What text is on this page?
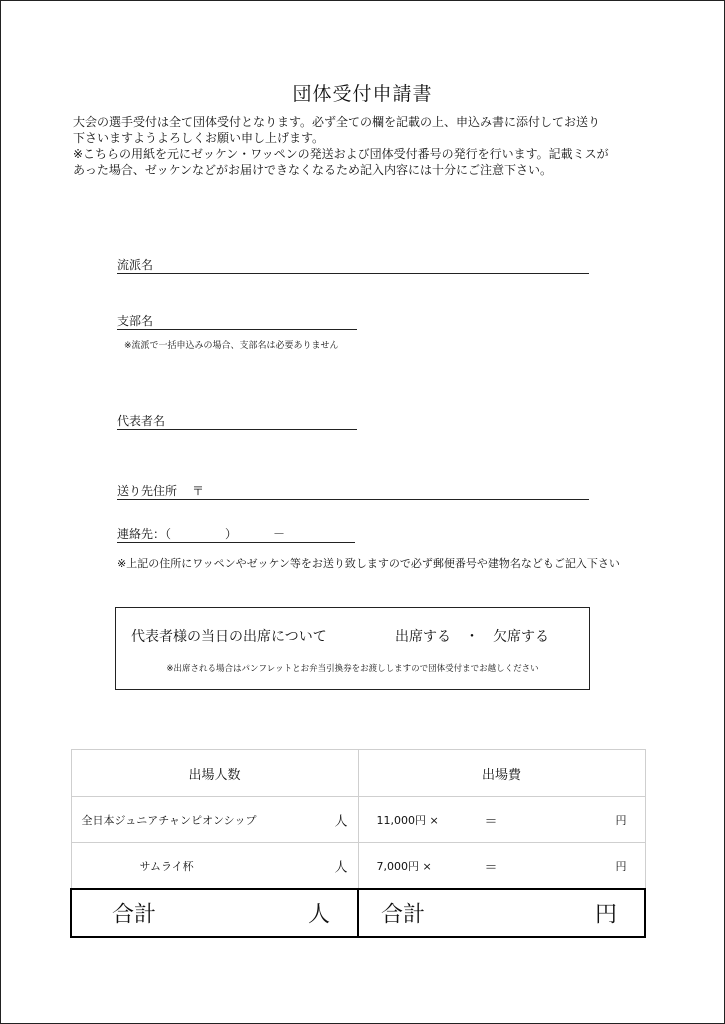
団体受付申請書

大会の選手受付は全て団体受付となります。必ず全ての欄を記載の上、申込み書に添付してお送り

下さいますようよろしくお願い申し上げます。

※こちらの用紙を元にゼッケン・ワッペンの発送および団体受付番号の発行を行います。記載ミスが

あった場合、ゼッケンなどがお届けできなくなるため記入内容には十分にご注意下さい。

流派名
支部名
※流派で一括申込みの場合、支部名は必要ありません
代表者名
送り先住所 〒
連絡先：（	）	－
※上記の住所にワッペンやゼッケン等をお送り致しますので必ず郵便番号や建物名などもご記入下さい
代表者様の当日の出席について	出席する　・　欠席する
※出席される場合はパンフレットとお弁当引換券をお渡ししますので団体受付までお越しください
出場人数	出場費

全日本ジュニアチャンピオンシップ 人	11,000円 × ＝ 円

サムライ杯 人	7,000円 × ＝ 円

合計 人	合計 円
